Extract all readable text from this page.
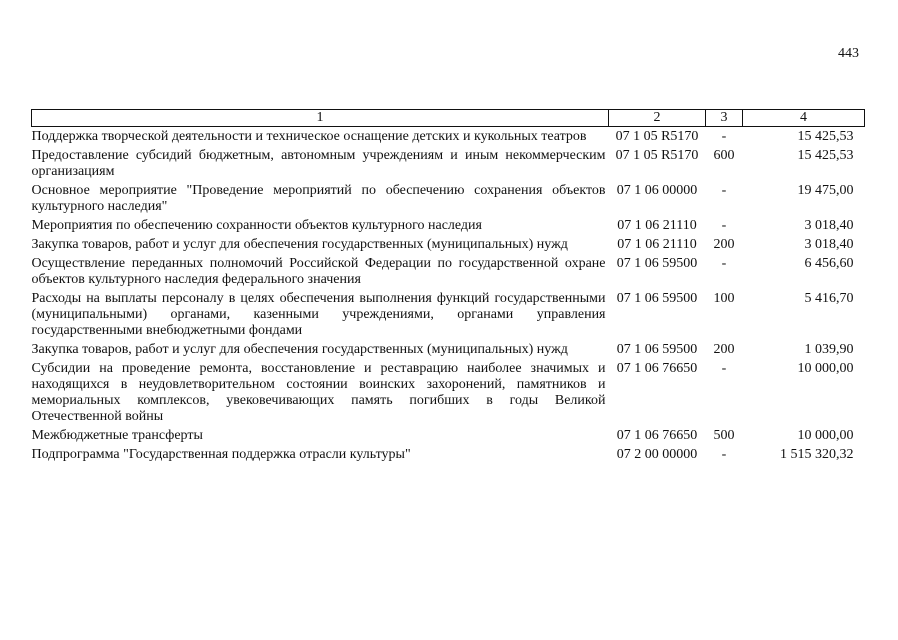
443
1	2	3	4
Поддержка творческой деятельности и техническое оснащение детских и кукольных театров	07 1 05 R5170	-	15 425,53
Предоставление субсидий бюджетным, автономным учреждениям и иным некоммерческим организациям	07 1 05 R5170	600	15 425,53
Основное мероприятие "Проведение мероприятий по обеспечению сохранения объектов культурного наследия"	07 1 06 00000	-	19 475,00
Мероприятия по обеспечению сохранности объектов культурного наследия	07 1 06 21110	-	3 018,40
Закупка товаров, работ и услуг для обеспечения государственных (муниципальных) нужд	07 1 06 21110	200	3 018,40
Осуществление переданных полномочий Российской Федерации по государственной охране объектов культурного наследия федерального значения	07 1 06 59500	-	6 456,60
Расходы на выплаты персоналу в целях обеспечения выполнения функций государственными (муниципальными) органами, казенными учреждениями, органами управления государственными внебюджетными фондами	07 1 06 59500	100	5 416,70
Закупка товаров, работ и услуг для обеспечения государственных (муниципальных) нужд	07 1 06 59500	200	1 039,90
Субсидии на проведение ремонта, восстановление и реставрацию наиболее значимых и находящихся в неудовлетворительном состоянии воинских захоронений, памятников и мемориальных комплексов, увековечивающих память погибших в годы Великой Отечественной войны	07 1 06 76650	-	10 000,00
Межбюджетные трансферты	07 1 06 76650	500	10 000,00
Подпрограмма "Государственная поддержка отрасли культуры"	07 2 00 00000	-	1 515 320,32
